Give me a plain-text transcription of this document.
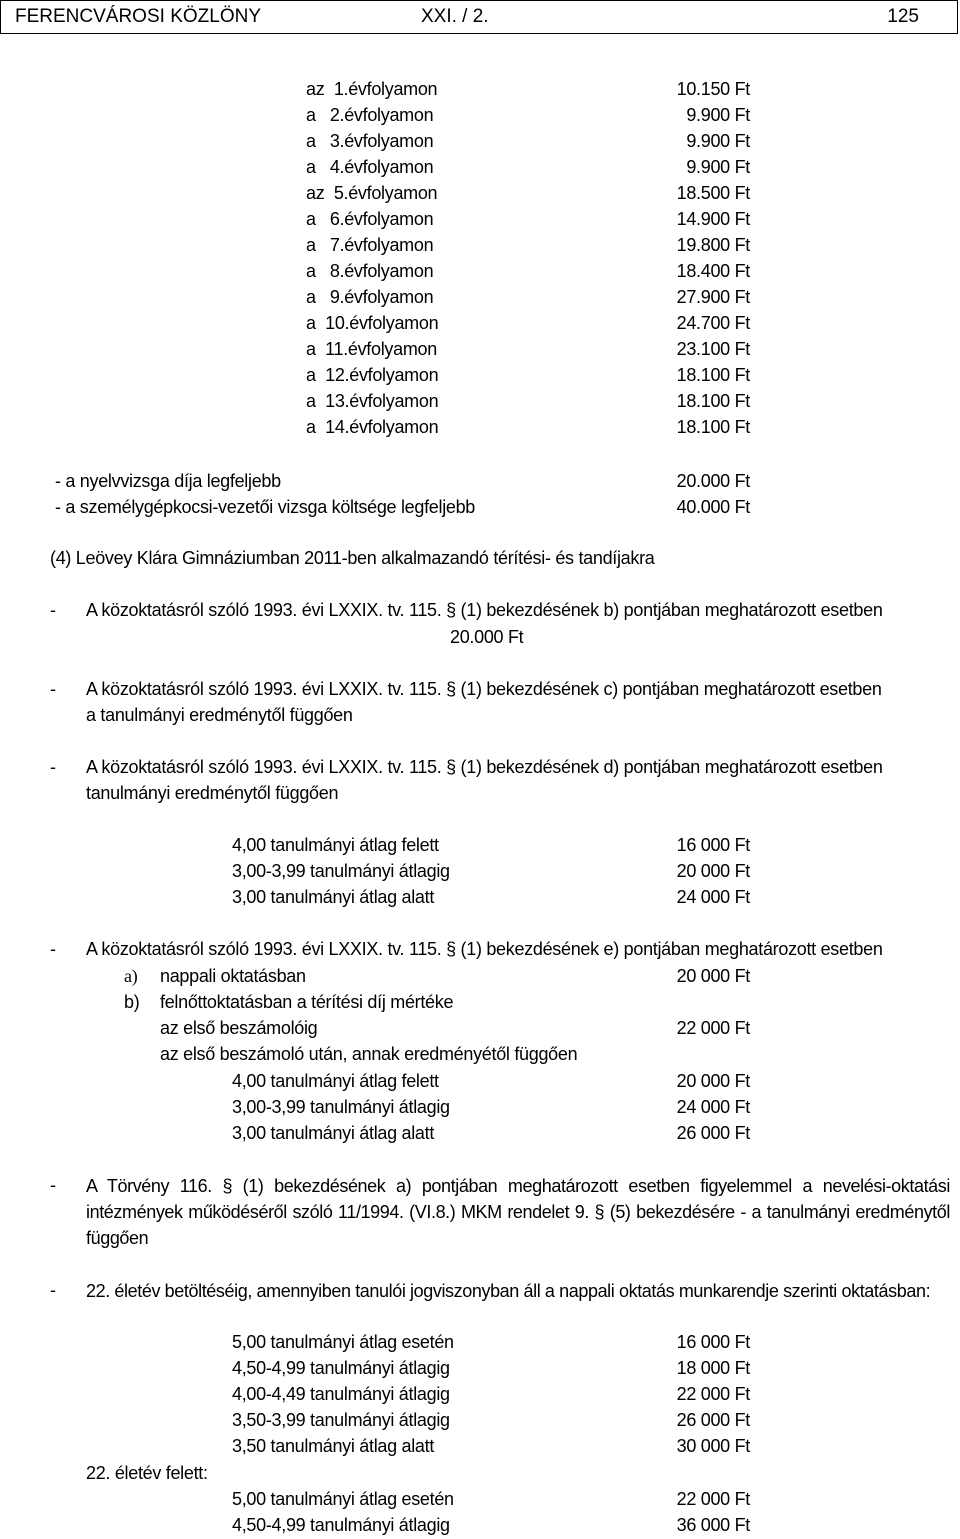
FERENCVÁROSI KÖZLÖNY	XXI. / 2.	125
az  1.évfolyamon	10.150 Ft
a   2.évfolyamon	9.900 Ft
a   3.évfolyamon	9.900 Ft
a   4.évfolyamon	9.900 Ft
az  5.évfolyamon	18.500 Ft
a   6.évfolyamon	14.900 Ft
a   7.évfolyamon	19.800 Ft
a   8.évfolyamon	18.400 Ft
a   9.évfolyamon	27.900 Ft
a  10.évfolyamon	24.700 Ft
a  11.évfolyamon	23.100 Ft
a  12.évfolyamon	18.100 Ft
a  13.évfolyamon	18.100 Ft
a  14.évfolyamon	18.100 Ft
- a nyelvvizsga díja legfeljebb	20.000 Ft
- a személygépkocsi-vezetői vizsga költsége legfeljebb	40.000 Ft
(4) Leövey Klára Gimnáziumban 2011-ben alkalmazandó térítési- és tandíjakra
- A közoktatásról szóló 1993. évi LXXIX. tv. 115. § (1) bekezdésének b) pontjában meghatározott esetben
20.000 Ft
- A közoktatásról szóló 1993. évi LXXIX. tv. 115. § (1) bekezdésének c) pontjában meghatározott esetben
a tanulmányi eredménytől függően
- A közoktatásról szóló 1993. évi LXXIX. tv. 115. § (1) bekezdésének d) pontjában meghatározott esetben
tanulmányi eredménytől függően
4,00 tanulmányi átlag felett	16 000 Ft
3,00-3,99 tanulmányi átlagig	20 000 Ft
3,00 tanulmányi átlag alatt	24 000 Ft
- A közoktatásról szóló 1993. évi LXXIX. tv. 115. § (1) bekezdésének e) pontjában meghatározott esetben
a) nappali oktatásban	20 000 Ft
b) felnőttoktatásban a térítési díj mértéke
az első beszámolóig	22 000 Ft
az első beszámoló után, annak eredményétől függően
4,00 tanulmányi átlag felett	20 000 Ft
3,00-3,99 tanulmányi átlagig	24 000 Ft
3,00 tanulmányi átlag alatt	26 000 Ft
- A Törvény 116. § (1) bekezdésének a) pontjában meghatározott esetben figyelemmel a nevelési-oktatási intézmények működéséről szóló 11/1994. (VI.8.) MKM rendelet 9. § (5) bekezdésére - a tanulmányi eredménytől függően
- 22. életév betöltéséig, amennyiben tanulói jogviszonyban áll a nappali oktatás munkarendje szerinti oktatásban:
5,00 tanulmányi átlag esetén	16 000 Ft
4,50-4,99 tanulmányi átlagig	18 000 Ft
4,00-4,49 tanulmányi átlagig	22 000 Ft
3,50-3,99 tanulmányi átlagig	26 000 Ft
3,50 tanulmányi átlag alatt	30 000 Ft
22. életév felett:
5,00 tanulmányi átlag esetén	22 000 Ft
4,50-4,99 tanulmányi átlagig	36 000 Ft
